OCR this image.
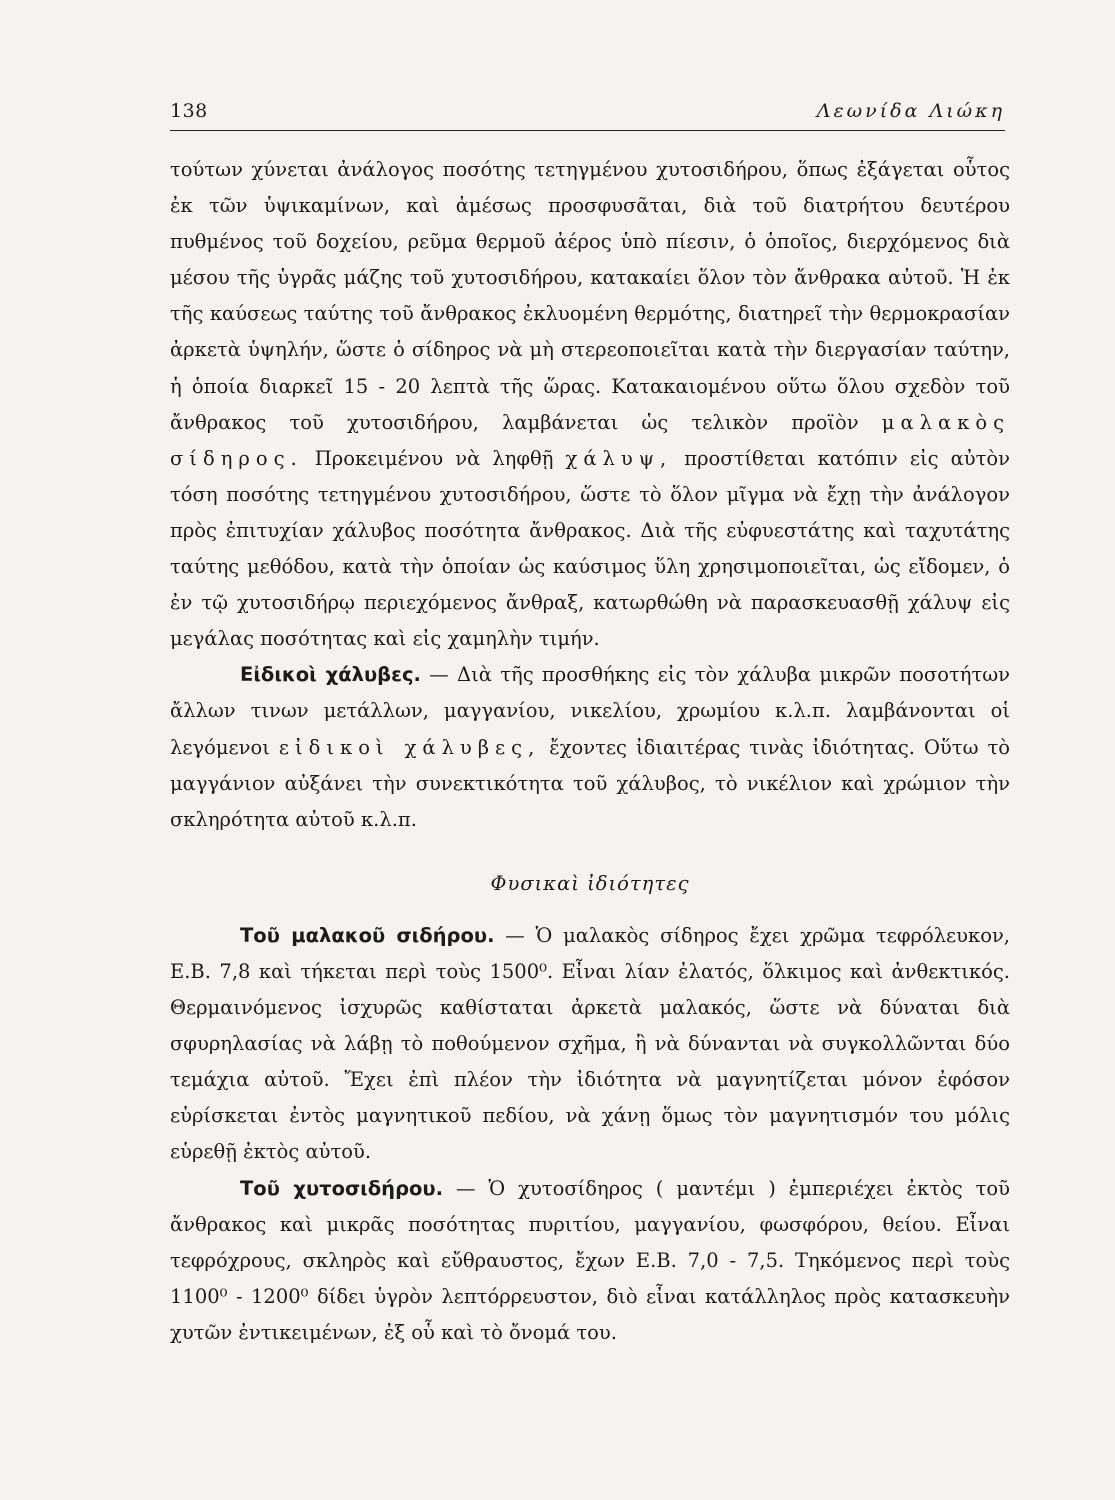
138	Λεωνίδα Λιώκη

τούτων χύνεται ἀνάλογος ποσότης τετηγμένου χυτοσιδήρου, ὅπως ἐξάγεται οὗτος ἐκ τῶν ὑψικαμίνων, καὶ ἀμέσως προσφυσᾶται, διὰ τοῦ διατρήτου δευτέρου πυθμένος τοῦ δοχείου, ρεῦμα θερμοῦ ἀέρος ὑπὸ πίεσιν, ὁ ὁποῖος, διερχόμενος διὰ μέσου τῆς ὑγρᾶς μάζης τοῦ χυτοσιδήρου, κατακαίει ὅλον τὸν ἄνθρακα αὐτοῦ. Ἡ ἐκ τῆς καύσεως ταύτης τοῦ ἄνθρακος ἐκλυομένη θερμότης, διατηρεῖ τὴν θερμοκρασίαν ἀρκετὰ ὑψηλήν, ὥστε ὁ σίδηρος νὰ μὴ στερεοποιεῖται κατὰ τὴν διεργασίαν ταύτην, ἡ ὁποία διαρκεῖ 15 - 20 λεπτὰ τῆς ὥρας. Κατακαιομένου οὕτω ὅλου σχεδὸν τοῦ ἄνθρακος τοῦ χυτοσιδήρου, λαμβάνεται ὡς τελικὸν προϊὸν μαλακὸς σίδηρος. Προκειμένου νὰ ληφθῇ χάλυψ, προστίθεται κατόπιν εἰς αὐτὸν τόση ποσότης τετηγμένου χυτοσιδήρου, ὥστε τὸ ὅλον μῖγμα νὰ ἔχῃ τὴν ἀνάλογον πρὸς ἐπιτυχίαν χάλυβος ποσότητα ἄνθρακος. Διὰ τῆς εὐφυεστάτης καὶ ταχυτάτης ταύτης μεθόδου, κατὰ τὴν ὁποίαν ὡς καύσιμος ὕλη χρησιμοποιεῖται, ὡς εἴδομεν, ὁ ἐν τῷ χυτοσιδήρῳ περιεχόμενος ἄνθραξ, κατωρθώθη νὰ παρασκευασθῇ χάλυψ εἰς μεγάλας ποσότητας καὶ εἰς χαμηλὴν τιμήν.

Εἰδικοὶ χάλυβες. — Διὰ τῆς προσθήκης εἰς τὸν χάλυβα μικρῶν ποσοτήτων ἄλλων τινων μετάλλων, μαγγανίου, νικελίου, χρωμίου κ.λ.π. λαμβάνονται οἱ λεγόμενοι εἰδικοὶ χάλυβες, ἔχοντες ἰδιαιτέρας τινὰς ἰδιότητας. Οὕτω τὸ μαγγάνιον αὐξάνει τὴν συνεκτικότητα τοῦ χάλυβος, τὸ νικέλιον καὶ χρώμιον τὴν σκληρότητα αὐτοῦ κ.λ.π.

Φυσικαὶ ἰδιότητες

Τοῦ μαλακοῦ σιδήρου. — Ὁ μαλακὸς σίδηρος ἔχει χρῶμα τεφρόλευκον, Ε.Β. 7,8 καὶ τήκεται περὶ τοὺς 1500⁰. Εἶναι λίαν ἐλατός, ὅλκιμος καὶ ἀνθεκτικός. Θερμαινόμενος ἰσχυρῶς καθίσταται ἀρκετὰ μαλακός, ὥστε νὰ δύναται διὰ σφυρηλασίας νὰ λάβῃ τὸ ποθούμενον σχῆμα, ἢ νὰ δύνανται νὰ συγκολλῶνται δύο τεμάχια αὐτοῦ. Ἔχει ἐπὶ πλέον τὴν ἰδιότητα νὰ μαγνητίζεται μόνον ἐφόσον εὑρίσκεται ἐντὸς μαγνητικοῦ πεδίου, νὰ χάνῃ ὅμως τὸν μαγνητισμόν του μόλις εὑρεθῇ ἐκτὸς αὐτοῦ.

Τοῦ χυτοσιδήρου. — Ὁ χυτοσίδηρος ( μαντέμι ) ἐμπεριέχει ἐκτὸς τοῦ ἄνθρακος καὶ μικρᾶς ποσότητας πυριτίου, μαγγανίου, φωσφόρου, θείου. Εἶναι τεφρόχρους, σκληρὸς καὶ εὔθραυστος, ἔχων Ε.Β. 7,0 - 7,5. Τηκόμενος περὶ τοὺς 1100⁰ - 1200⁰ δίδει ὑγρὸν λεπτόρρευστον, διὸ εἶναι κατάλληλος πρὸς κατασκευὴν χυτῶν ἐντικειμένων, ἐξ οὗ καὶ τὸ ὄνομά του.
